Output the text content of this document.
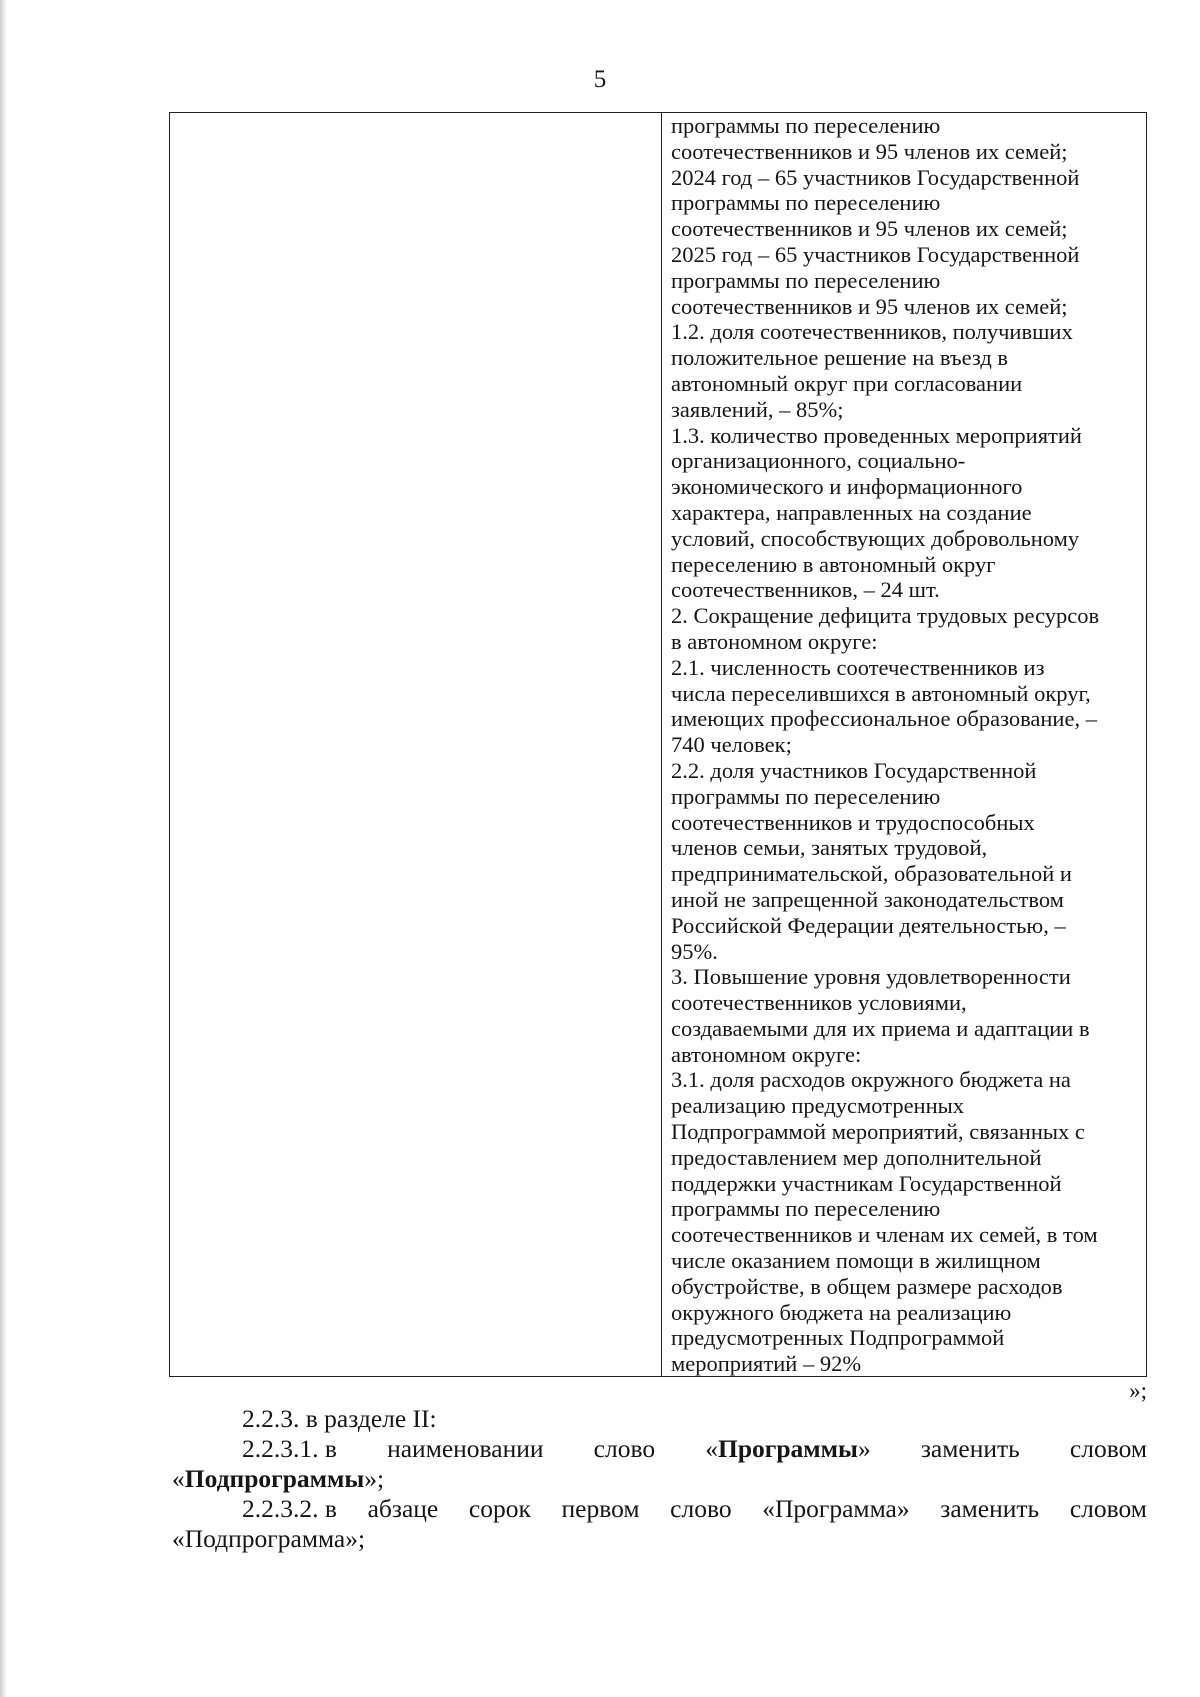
5
программы по переселению
соотечественников и 95 членов их семей;
2024 год – 65 участников Государственной
программы по переселению
соотечественников и 95 членов их семей;
2025 год – 65 участников Государственной
программы по переселению
соотечественников и 95 членов их семей;
1.2. доля соотечественников, получивших
положительное решение на въезд в
автономный округ при согласовании
заявлений, – 85%;
1.3. количество проведенных мероприятий
организационного, социально-
экономического и информационного
характера, направленных на создание
условий, способствующих добровольному
переселению в автономный округ
соотечественников, – 24 шт.
2. Сокращение дефицита трудовых ресурсов
в автономном округе:
2.1. численность соотечественников из
числа переселившихся в автономный округ,
имеющих профессиональное образование, –
740 человек;
2.2. доля участников Государственной
программы по переселению
соотечественников и трудоспособных
членов семьи, занятых трудовой,
предпринимательской, образовательной и
иной не запрещенной законодательством
Российской Федерации деятельностью, –
95%.
3. Повышение уровня удовлетворенности
соотечественников условиями,
создаваемыми для их приема и адаптации в
автономном округе:
3.1. доля расходов окружного бюджета на
реализацию предусмотренных
Подпрограммой мероприятий, связанных с
предоставлением мер дополнительной
поддержки участникам Государственной
программы по переселению
соотечественников и членам их семей, в том
числе оказанием помощи в жилищном
обустройстве, в общем размере расходов
окружного бюджета на реализацию
предусмотренных Подпрограммой
мероприятий – 92%
»;
2.2.3. в разделе II:
2.2.3.1. в наименовании слово «Программы» заменить словом
«Подпрограммы»;
2.2.3.2. в абзаце сорок первом слово «Программа» заменить словом
«Подпрограмма»;
